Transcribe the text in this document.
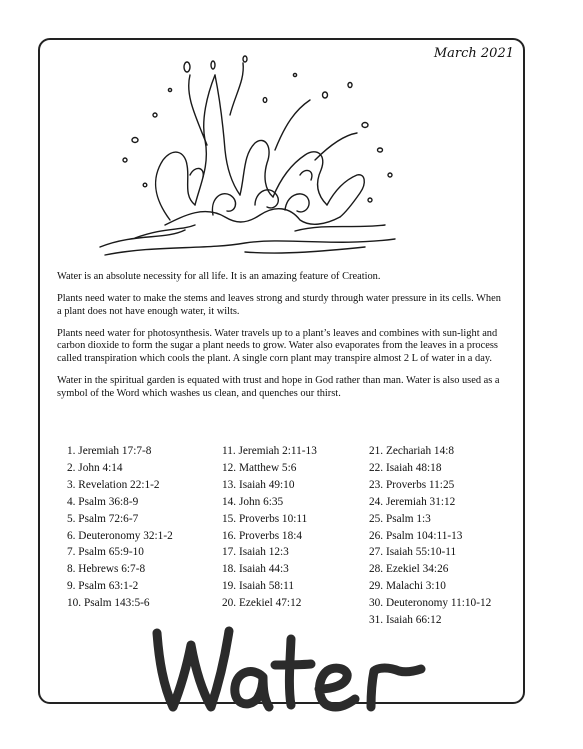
March 2021

Water is an absolute necessity for all life. It is an amazing feature of Creation.

Plants need water to make the stems and leaves strong and sturdy through water pressure in its cells. When a plant does not have enough water, it wilts.

Plants need water for photosynthesis. Water travels up to a plant’s leaves and combines with sun-light and carbon dioxide to form the sugar a plant needs to grow. Water also evaporates from the leaves in a process called transpiration which cools the plant. A single corn plant may transpire almost 2 L of water in a day.

Water in the spiritual garden is equated with trust and hope in God rather than man. Water is also used as a symbol of the Word which washes us clean, and quenches our thirst.

1. Jeremiah 17:7-8
2. John 4:14
3. Revelation 22:1-2
4. Psalm 36:8-9
5. Psalm 72:6-7
6. Deuteronomy 32:1-2
7. Psalm 65:9-10
8. Hebrews 6:7-8
9. Psalm 63:1-2
10. Psalm 143:5-6
11. Jeremiah 2:11-13
12. Matthew 5:6
13. Isaiah 49:10
14. John 6:35
15. Proverbs 10:11
16. Proverbs 18:4
17. Isaiah 12:3
18. Isaiah 44:3
19. Isaiah 58:11
20. Ezekiel 47:12
21. Zechariah 14:8
22. Isaiah 48:18
23. Proverbs 11:25
24. Jeremiah 31:12
25. Psalm 1:3
26. Psalm 104:11-13
27. Isaiah 55:10-11
28. Ezekiel 34:26
29. Malachi 3:10
30. Deuteronomy 11:10-12
31. Isaiah 66:12
